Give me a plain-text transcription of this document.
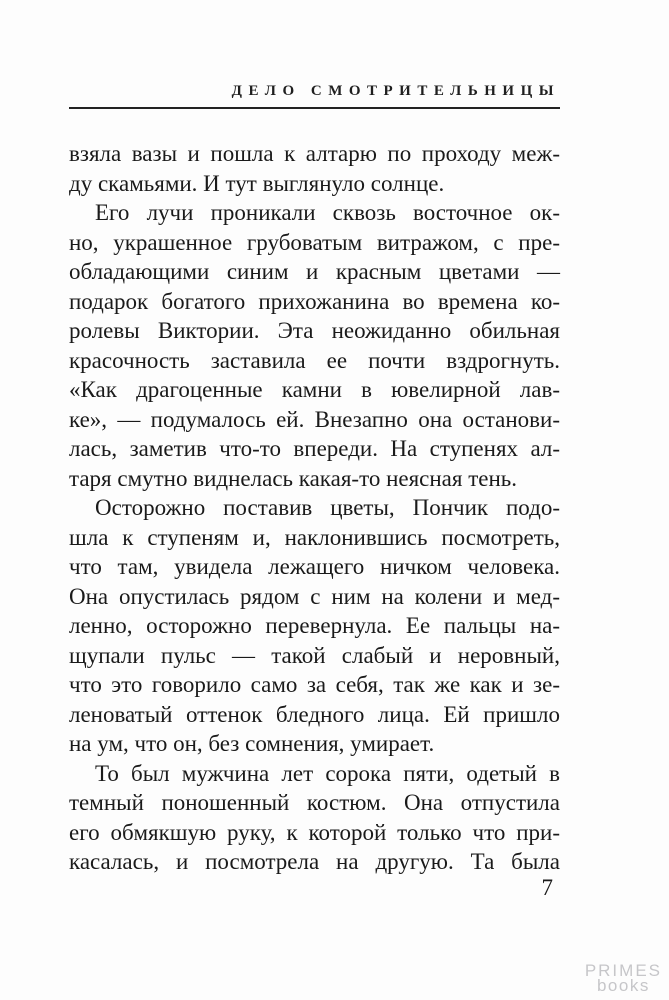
ДЕЛО СМОТРИТЕЛЬНИЦЫ
взяла вазы и пошла к алтарю по проходу меж-
ду скамьями. И тут выглянуло солнце.
Его лучи проникали сквозь восточное ок-
но, украшенное грубоватым витражом, с пре-
обладающими синим и красным цветами —
подарок богатого прихожанина во времена ко-
ролевы Виктории. Эта неожиданно обильная
красочность заставила ее почти вздрогнуть.
«Как драгоценные камни в ювелирной лав-
ке», — подумалось ей. Внезапно она останови-
лась, заметив что-то впереди. На ступенях ал-
таря смутно виднелась какая-то неясная тень.
Осторожно поставив цветы, Пончик подо-
шла к ступеням и, наклонившись посмотреть,
что там, увидела лежащего ничком человека.
Она опустилась рядом с ним на колени и мед-
ленно, осторожно перевернула. Ее пальцы на-
щупали пульс — такой слабый и неровный,
что это говорило само за себя, так же как и зе-
леноватый оттенок бледного лица. Ей пришло
на ум, что он, без сомнения, умирает.
То был мужчина лет сорока пяти, одетый в
темный поношенный костюм. Она отпустила
его обмякшую руку, к которой только что при-
касалась, и посмотрела на другую. Та была
7
PRIMES
books
